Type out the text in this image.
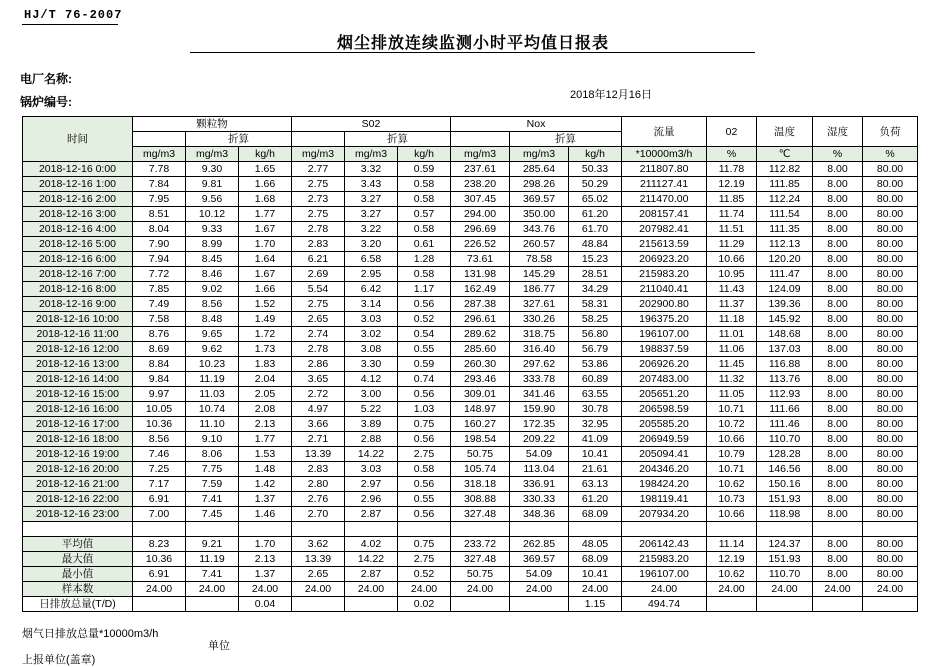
HJ/T 76-2007
烟尘排放连续监测小时平均值日报表
电厂名称:
锅炉编号:	2018年12月16日
时间	颗粒物			S02			Nox			流量	02	温度	湿度	负荷
		折算			折算			折算						
	mg/m3	mg/m3	kg/h	mg/m3	mg/m3	kg/h	mg/m3	mg/m3	kg/h	*10000m3/h	%	℃	%	%
2018-12-16 0:00	7.78	9.30	1.65	2.77	3.32	0.59	237.61	285.64	50.33	211807.80	11.78	112.82	8.00	80.00
2018-12-16 1:00	7.84	9.81	1.66	2.75	3.43	0.58	238.20	298.26	50.29	211127.41	12.19	111.85	8.00	80.00
2018-12-16 2:00	7.95	9.56	1.68	2.73	3.27	0.58	307.45	369.57	65.02	211470.00	11.85	112.24	8.00	80.00
2018-12-16 3:00	8.51	10.12	1.77	2.75	3.27	0.57	294.00	350.00	61.20	208157.41	11.74	111.54	8.00	80.00
2018-12-16 4:00	8.04	9.33	1.67	2.78	3.22	0.58	296.69	343.76	61.70	207982.41	11.51	111.35	8.00	80.00
2018-12-16 5:00	7.90	8.99	1.70	2.83	3.20	0.61	226.52	260.57	48.84	215613.59	11.29	112.13	8.00	80.00
2018-12-16 6:00	7.94	8.45	1.64	6.21	6.58	1.28	73.61	78.58	15.23	206923.20	10.66	120.20	8.00	80.00
2018-12-16 7:00	7.72	8.46	1.67	2.69	2.95	0.58	131.98	145.29	28.51	215983.20	10.95	111.47	8.00	80.00
2018-12-16 8:00	7.85	9.02	1.66	5.54	6.42	1.17	162.49	186.77	34.29	211040.41	11.43	124.09	8.00	80.00
2018-12-16 9:00	7.49	8.56	1.52	2.75	3.14	0.56	287.38	327.61	58.31	202900.80	11.37	139.36	8.00	80.00
2018-12-16 10:00	7.58	8.48	1.49	2.65	3.03	0.52	296.61	330.26	58.25	196375.20	11.18	145.92	8.00	80.00
2018-12-16 11:00	8.76	9.65	1.72	2.74	3.02	0.54	289.62	318.75	56.80	196107.00	11.01	148.68	8.00	80.00
2018-12-16 12:00	8.69	9.62	1.73	2.78	3.08	0.55	285.60	316.40	56.79	198837.59	11.06	137.03	8.00	80.00
2018-12-16 13:00	8.84	10.23	1.83	2.86	3.30	0.59	260.30	297.62	53.86	206926.20	11.45	116.88	8.00	80.00
2018-12-16 14:00	9.84	11.19	2.04	3.65	4.12	0.74	293.46	333.78	60.89	207483.00	11.32	113.76	8.00	80.00
2018-12-16 15:00	9.97	11.03	2.05	2.72	3.00	0.56	309.01	341.46	63.55	205651.20	11.05	112.93	8.00	80.00
2018-12-16 16:00	10.05	10.74	2.08	4.97	5.22	1.03	148.97	159.90	30.78	206598.59	10.71	111.66	8.00	80.00
2018-12-16 17:00	10.36	11.10	2.13	3.66	3.89	0.75	160.27	172.35	32.95	205585.20	10.72	111.46	8.00	80.00
2018-12-16 18:00	8.56	9.10	1.77	2.71	2.88	0.56	198.54	209.22	41.09	206949.59	10.66	110.70	8.00	80.00
2018-12-16 19:00	7.46	8.06	1.53	13.39	14.22	2.75	50.75	54.09	10.41	205094.41	10.79	128.28	8.00	80.00
2018-12-16 20:00	7.25	7.75	1.48	2.83	3.03	0.58	105.74	113.04	21.61	204346.20	10.71	146.56	8.00	80.00
2018-12-16 21:00	7.17	7.59	1.42	2.80	2.97	0.56	318.18	336.91	63.13	198424.20	10.62	150.16	8.00	80.00
2018-12-16 22:00	6.91	7.41	1.37	2.76	2.96	0.55	308.88	330.33	61.20	198119.41	10.73	151.93	8.00	80.00
2018-12-16 23:00	7.00	7.45	1.46	2.70	2.87	0.56	327.48	348.36	68.09	207934.20	10.66	118.98	8.00	80.00

平均值	8.23	9.21	1.70	3.62	4.02	0.75	233.72	262.85	48.05	206142.43	11.14	124.37	8.00	80.00
最大值	10.36	11.19	2.13	13.39	14.22	2.75	327.48	369.57	68.09	215983.20	12.19	151.93	8.00	80.00
最小值	6.91	7.41	1.37	2.65	2.87	0.52	50.75	54.09	10.41	196107.00	10.62	110.70	8.00	80.00
样本数	24.00	24.00	24.00	24.00	24.00	24.00	24.00	24.00	24.00	24.00	24.00	24.00	24.00	24.00
日排放总量(T/D)			0.04			0.02			1.15	494.74				
烟气日排放总量*10000m3/h
上报单位(盖章)
单位
